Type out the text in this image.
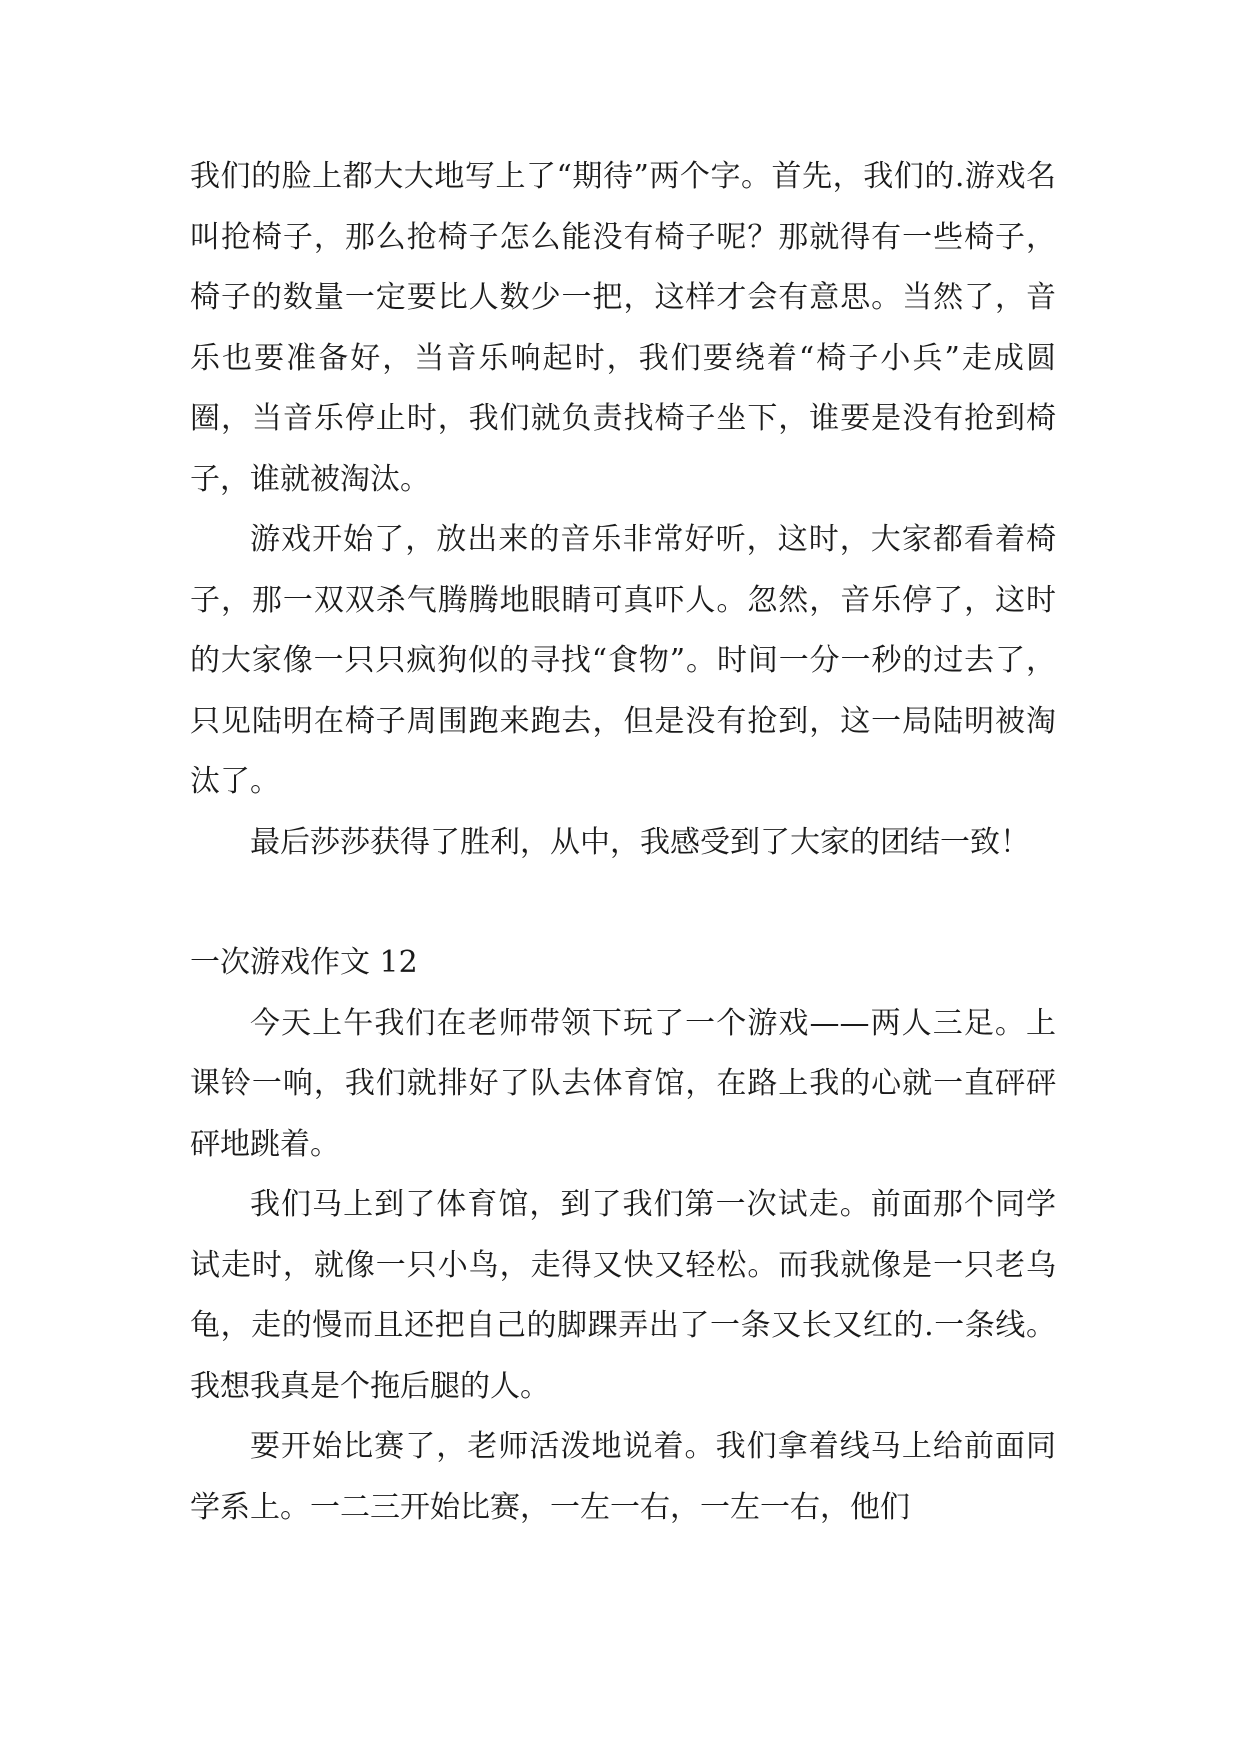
我们的脸上都大大地写上了“期待”两个字。首先，我们的.游戏名叫抢椅子，那么抢椅子怎么能没有椅子呢？那就得有一些椅子，椅子的数量一定要比人数少一把，这样才会有意思。当然了，音乐也要准备好，当音乐响起时，我们要绕着“椅子小兵”走成圆圈，当音乐停止时，我们就负责找椅子坐下，谁要是没有抢到椅子，谁就被淘汰。

游戏开始了，放出来的音乐非常好听，这时，大家都看着椅子，那一双双杀气腾腾地眼睛可真吓人。忽然，音乐停了，这时的大家像一只只疯狗似的寻找“食物”。时间一分一秒的过去了，只见陆明在椅子周围跑来跑去，但是没有抢到，这一局陆明被淘汰了。

最后莎莎获得了胜利，从中，我感受到了大家的团结一致！

一次游戏作文 12

今天上午我们在老师带领下玩了一个游戏——两人三足。上课铃一响，我们就排好了队去体育馆，在路上我的心就一直砰砰砰地跳着。

我们马上到了体育馆，到了我们第一次试走。前面那个同学试走时，就像一只小鸟，走得又快又轻松。而我就像是一只老乌龟，走的慢而且还把自己的脚踝弄出了一条又长又红的.一条线。我想我真是个拖后腿的人。

要开始比赛了，老师活泼地说着。我们拿着线马上给前面同学系上。一二三开始比赛，一左一右，一左一右，他们
